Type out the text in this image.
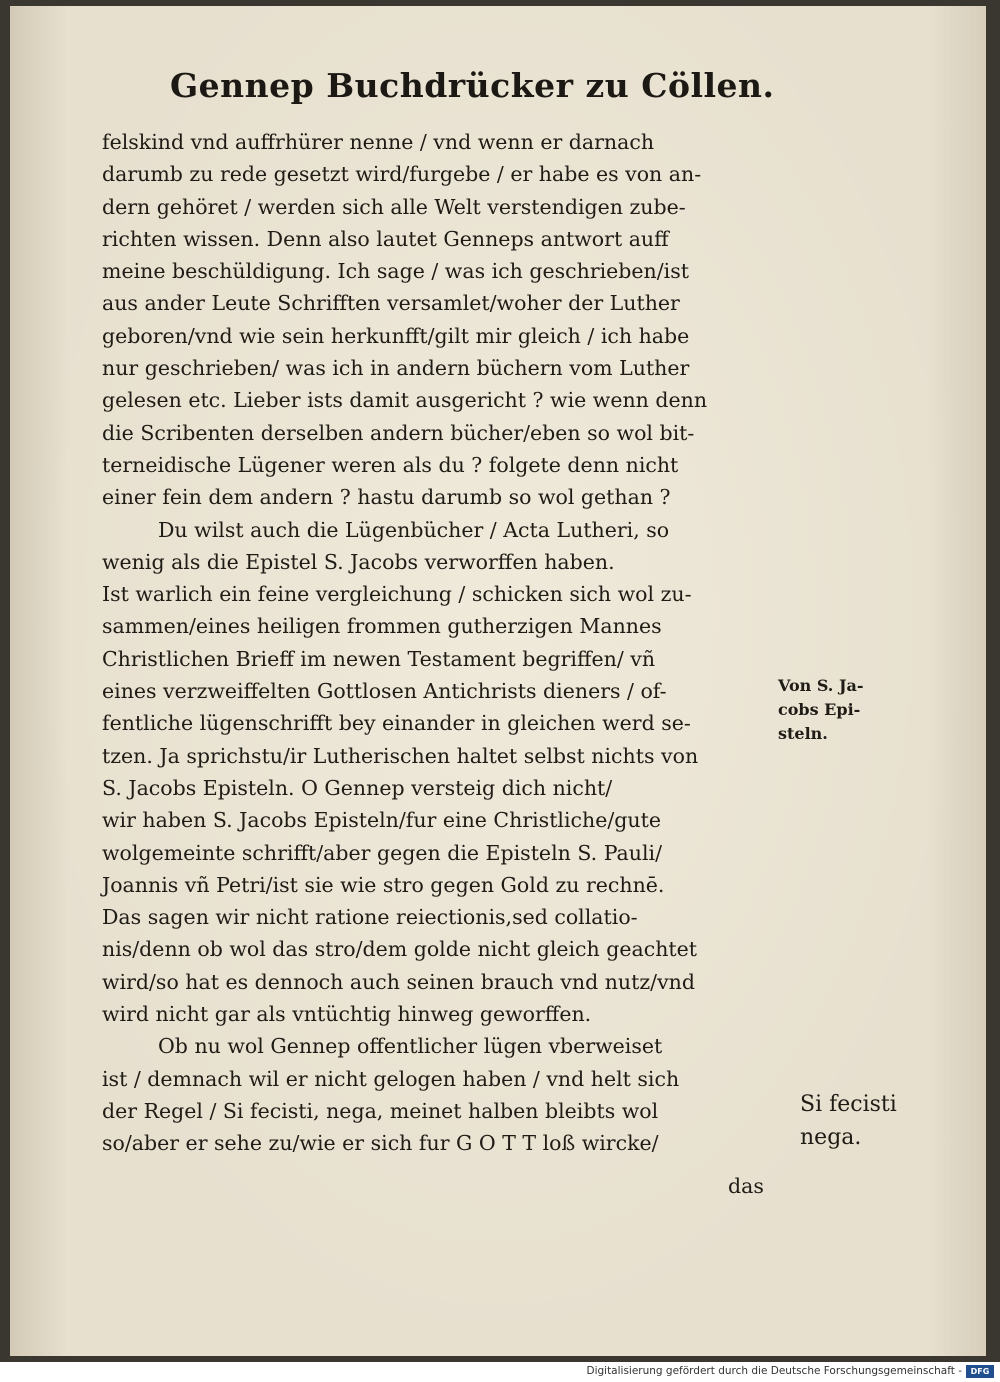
Gennep Buchdrücker zu Cöllen.
felskind vnd auffrhürer nenne / vnd wenn er darnach
darumb zu rede gesetzt wird/furgebe / er habe es von an-
dern gehöret / werden sich alle Welt verstendigen zube-
richten wissen. Denn also lautet Genneps antwort auff
meine beschüldigung. Ich sage / was ich geschrieben/ist
aus ander Leute Schrifften versamlet/woher der Luther
geboren/vnd wie sein herkunfft/gilt mir gleich / ich habe
nur geschrieben/ was ich in andern büchern vom Luther
gelesen etc. Lieber ists damit ausgericht ? wie wenn denn
die Scribenten derselben andern bücher/eben so wol bit-
terneidische Lügener weren als du ? folgete denn nicht
einer fein dem andern ? hastu darumb so wol gethan ?
Du wilst auch die Lügenbücher / Acta Lutheri, so
wenig als die Epistel S. Jacobs verworffen haben.
Ist warlich ein feine vergleichung / schicken sich wol zu-
sammen/eines heiligen frommen gutherzigen Mannes
Christlichen Brieff im newen Testament begriffen/ vñ
eines verzweiffelten Gottlosen Antichrists dieners / of-
fentliche lügenschrifft bey einander in gleichen werd se-
tzen. Ja sprichstu/ir Lutherischen haltet selbst nichts von
S. Jacobs Episteln. O Gennep versteig dich nicht/
wir haben S. Jacobs Episteln/fur eine Christliche/gute
wolgemeinte schrifft/aber gegen die Episteln S. Pauli/
Joannis vñ Petri/ist sie wie stro gegen Gold zu rechnē.
Das sagen wir nicht ratione reiectionis,sed collatio-
nis/denn ob wol das stro/dem golde nicht gleich geachtet
wird/so hat es dennoch auch seinen brauch vnd nutz/vnd
wird nicht gar als vntüchtig hinweg geworffen.
Ob nu wol Gennep offentlicher lügen vberweiset
ist / demnach wil er nicht gelogen haben / vnd helt sich
der Regel / Si fecisti, nega, meinet halben bleibts wol
so/aber er sehe zu/wie er sich fur G O T T loß wircke/
das
Von S. Ja-
cobs Epi-
steln.
Si fecisti
nega.
Digitalisierung gefördert durch die Deutsche Forschungsgemeinschaft -	DFG
